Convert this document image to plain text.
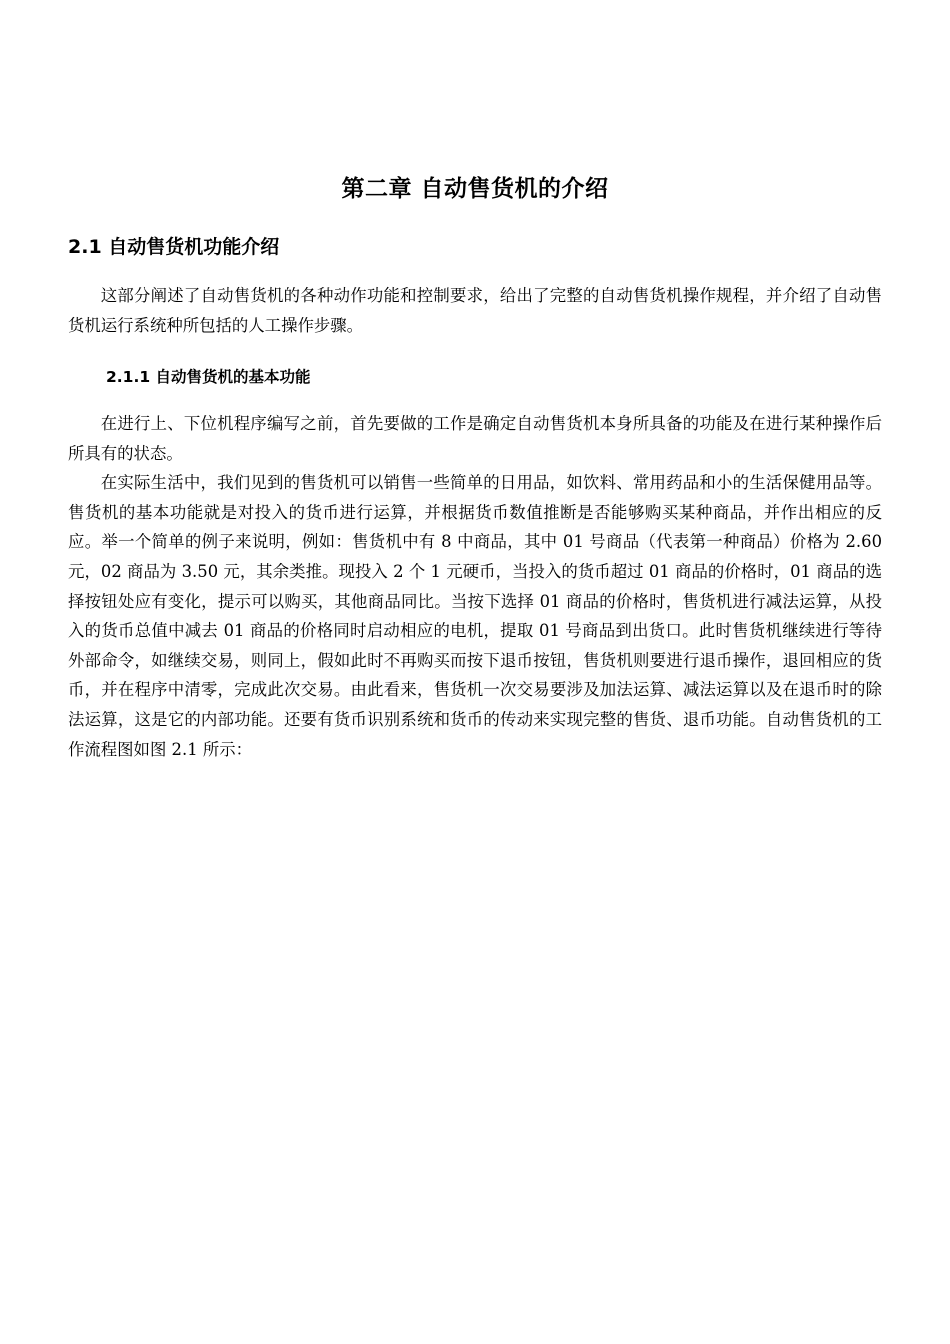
第二章 自动售货机的介绍
2.1 自动售货机功能介绍

这部分阐述了自动售货机的各种动作功能和控制要求，给出了完整的自动售货机操作规程，并介绍了自动售货机运行系统种所包括的人工操作步骤。

2.1.1 自动售货机的基本功能

在进行上、下位机程序编写之前，首先要做的工作是确定自动售货机本身所具备的功能及在进行某种操作后所具有的状态。

在实际生活中，我们见到的售货机可以销售一些简单的日用品，如饮料、常用药品和小的生活保健用品等。售货机的基本功能就是对投入的货币进行运算，并根据货币数值推断是否能够购买某种商品，并作出相应的反应。举一个简单的例子来说明，例如：售货机中有 8 中商品，其中 01 号商品（代表第一种商品）价格为 2.60 元，02 商品为 3.50 元，其余类推。现投入 2 个 1 元硬币，当投入的货币超过 01 商品的价格时，01 商品的选择按钮处应有变化，提示可以购买，其他商品同比。当按下选择 01 商品的价格时，售货机进行减法运算，从投入的货币总值中减去 01 商品的价格同时启动相应的电机，提取 01 号商品到出货口。此时售货机继续进行等待外部命令，如继续交易，则同上，假如此时不再购买而按下退币按钮，售货机则要进行退币操作，退回相应的货币，并在程序中清零，完成此次交易。由此看来，售货机一次交易要涉及加法运算、减法运算以及在退币时的除法运算，这是它的内部功能。还要有货币识别系统和货币的传动来实现完整的售货、退币功能。自动售货机的工作流程图如图 2.1 所示：
